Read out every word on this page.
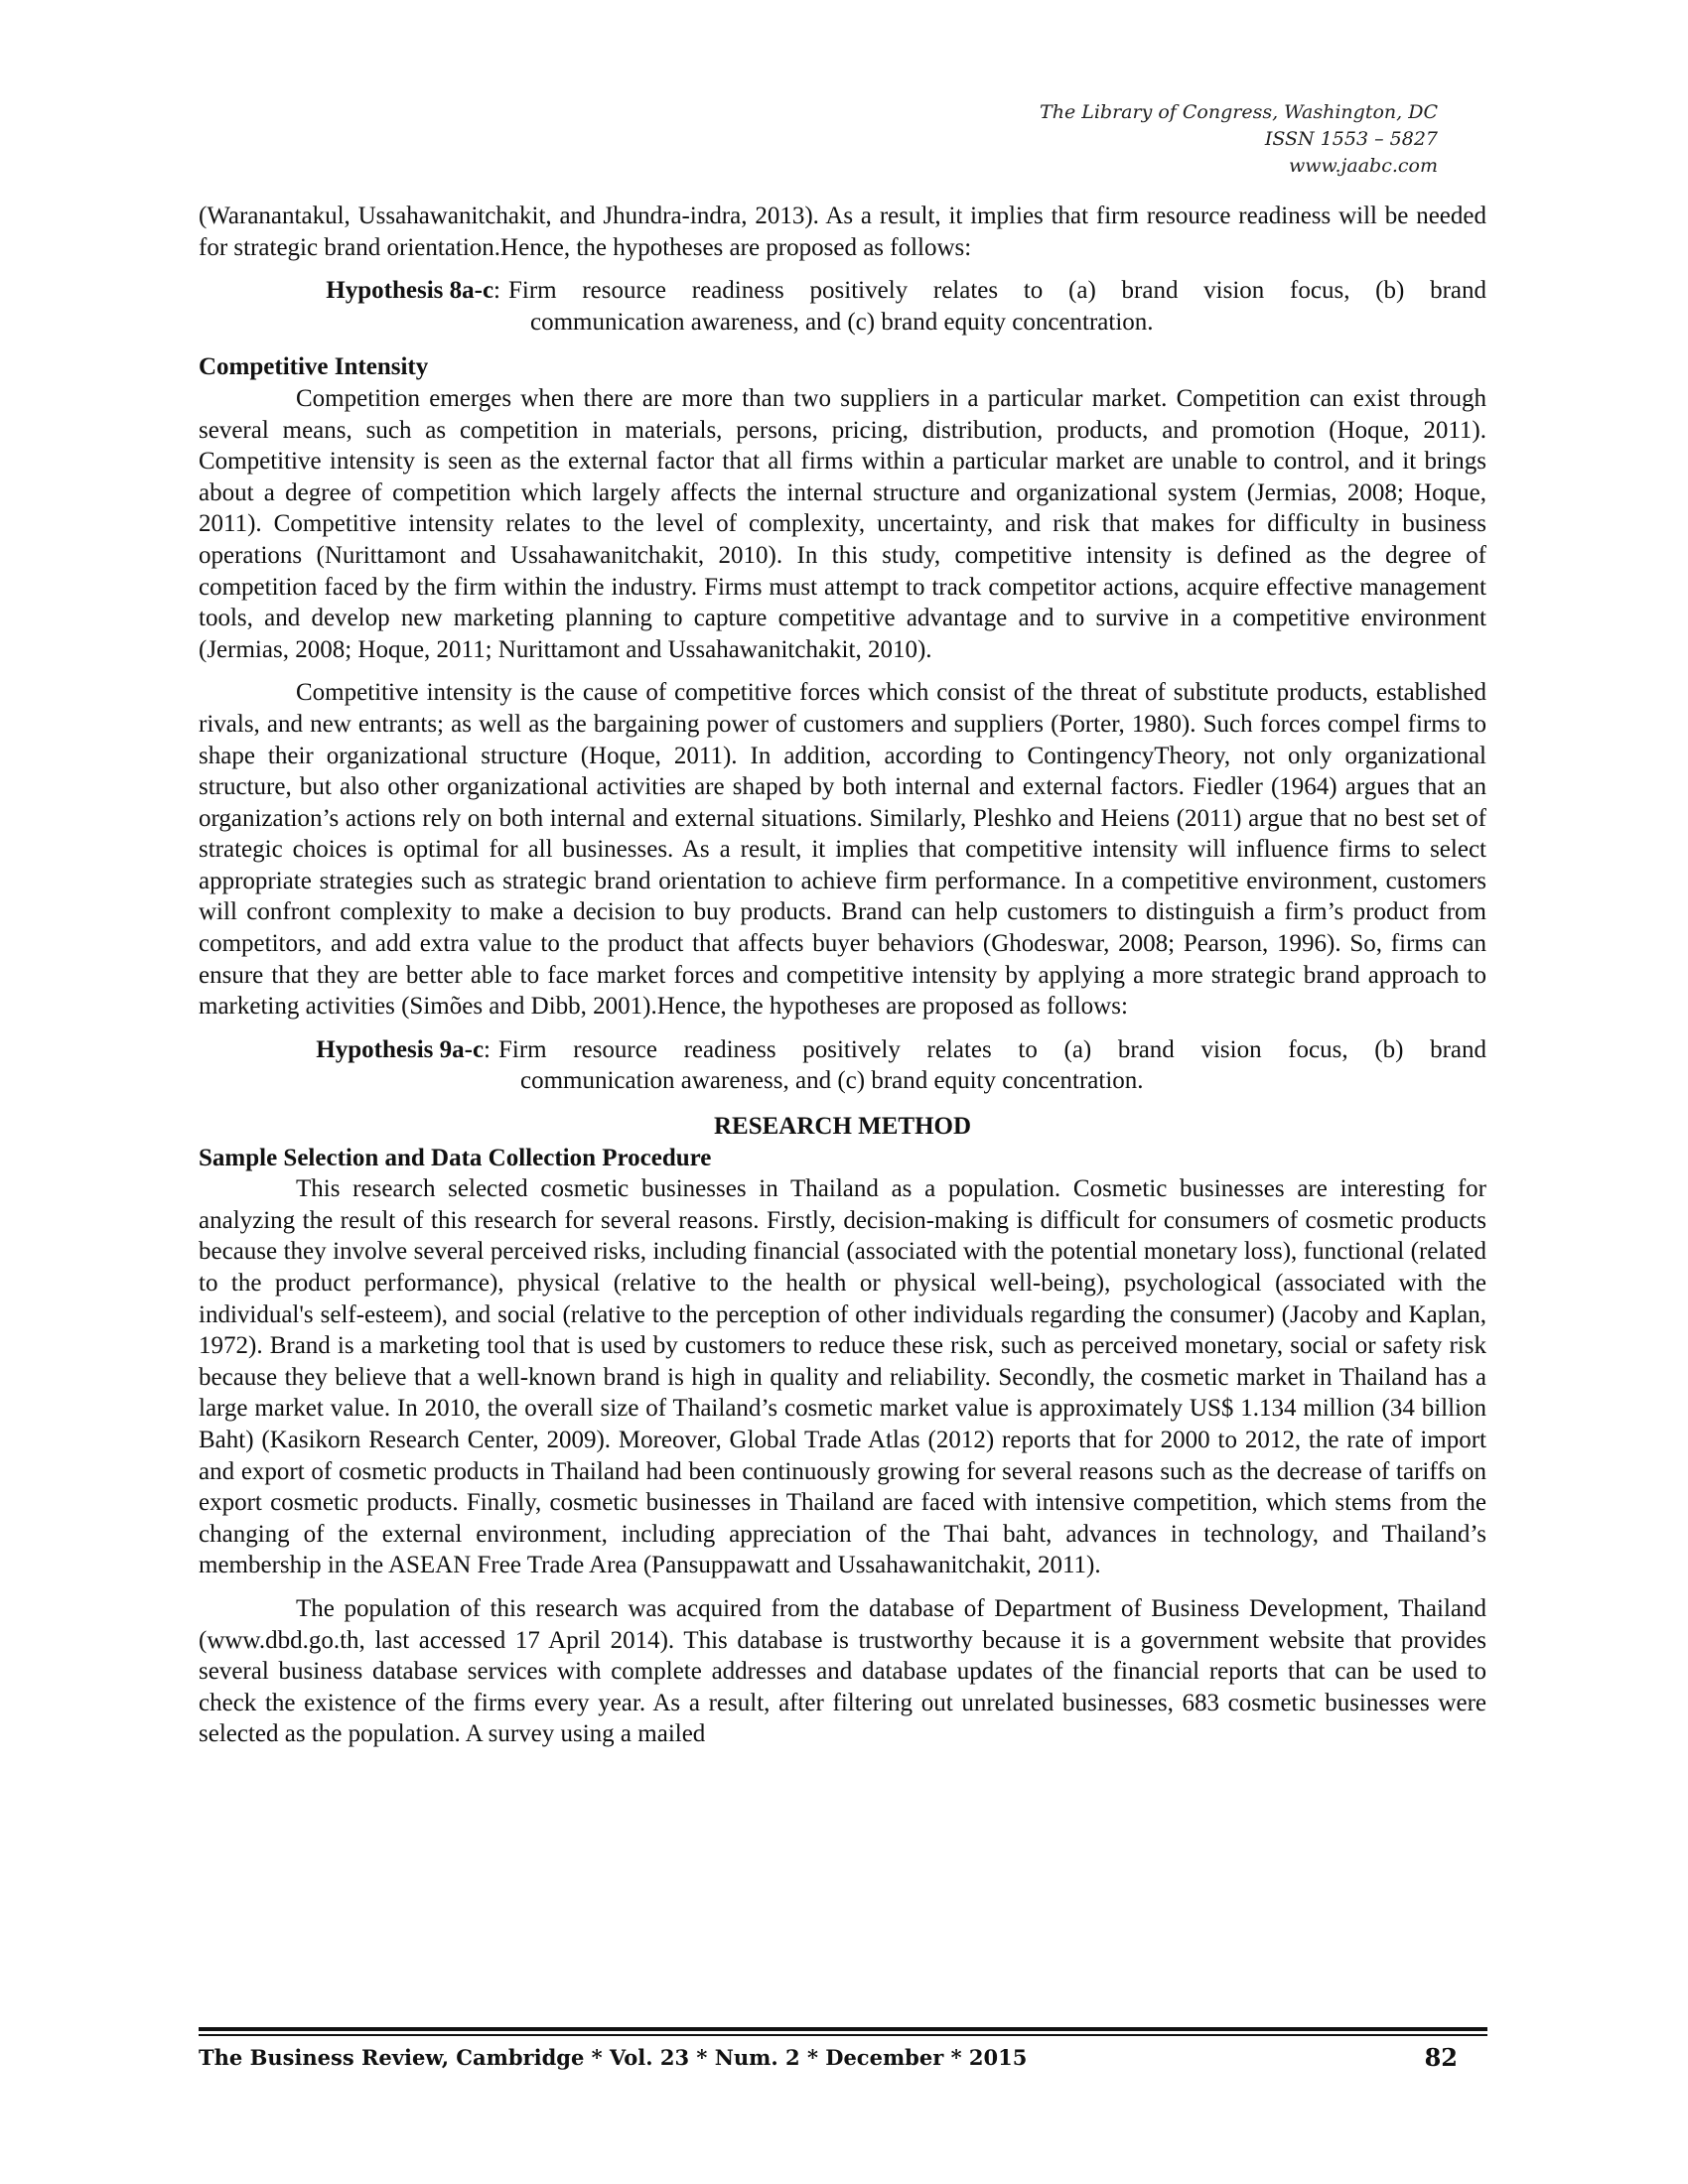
The Library of Congress, Washington, DC
ISSN 1553 – 5827
www.jaabc.com

(Waranantakul, Ussahawanitchakit, and Jhundra-indra, 2013). As a result, it implies that firm resource readiness will be needed for strategic brand orientation.Hence, the hypotheses are proposed as follows:

Hypothesis 8a-c: Firm resource readiness positively relates to (a) brand vision focus, (b) brand
communication awareness, and (c) brand equity concentration.

Competitive Intensity

Competition emerges when there are more than two suppliers in a particular market. Competition can exist through several means, such as competition in materials, persons, pricing, distribution, products, and promotion (Hoque, 2011). Competitive intensity is seen as the external factor that all firms within a particular market are unable to control, and it brings about a degree of competition which largely affects the internal structure and organizational system (Jermias, 2008; Hoque, 2011). Competitive intensity relates to the level of complexity, uncertainty, and risk that makes for difficulty in business operations (Nurittamont and Ussahawanitchakit, 2010). In this study, competitive intensity is defined as the degree of competition faced by the firm within the industry. Firms must attempt to track competitor actions, acquire effective management tools, and develop new marketing planning to capture competitive advantage and to survive in a competitive environment (Jermias, 2008; Hoque, 2011; Nurittamont and Ussahawanitchakit, 2010).

Competitive intensity is the cause of competitive forces which consist of the threat of substitute products, established rivals, and new entrants; as well as the bargaining power of customers and suppliers (Porter, 1980). Such forces compel firms to shape their organizational structure (Hoque, 2011). In addition, according to ContingencyTheory, not only organizational structure, but also other organizational activities are shaped by both internal and external factors. Fiedler (1964) argues that an organization’s actions rely on both internal and external situations. Similarly, Pleshko and Heiens (2011) argue that no best set of strategic choices is optimal for all businesses. As a result, it implies that competitive intensity will influence firms to select appropriate strategies such as strategic brand orientation to achieve firm performance. In a competitive environment, customers will confront complexity to make a decision to buy products. Brand can help customers to distinguish a firm’s product from competitors, and add extra value to the product that affects buyer behaviors (Ghodeswar, 2008; Pearson, 1996). So, firms can ensure that they are better able to face market forces and competitive intensity by applying a more strategic brand approach to marketing activities (Simões and Dibb, 2001).Hence, the hypotheses are proposed as follows:

Hypothesis 9a-c: Firm resource readiness positively relates to (a) brand vision focus, (b) brand
communication awareness, and (c) brand equity concentration.

RESEARCH METHOD

Sample Selection and Data Collection Procedure

This research selected cosmetic businesses in Thailand as a population. Cosmetic businesses are interesting for analyzing the result of this research for several reasons. Firstly, decision-making is difficult for consumers of cosmetic products because they involve several perceived risks, including financial (associated with the potential monetary loss), functional (related to the product performance), physical (relative to the health or physical well-being), psychological (associated with the individual's self-esteem), and social (relative to the perception of other individuals regarding the consumer) (Jacoby and Kaplan, 1972). Brand is a marketing tool that is used by customers to reduce these risk, such as perceived monetary, social or safety risk because they believe that a well-known brand is high in quality and reliability. Secondly, the cosmetic market in Thailand has a large market value. In 2010, the overall size of Thailand’s cosmetic market value is approximately US$ 1.134 million (34 billion Baht) (Kasikorn Research Center, 2009). Moreover, Global Trade Atlas (2012) reports that for 2000 to 2012, the rate of import and export of cosmetic products in Thailand had been continuously growing for several reasons such as the decrease of tariffs on export cosmetic products. Finally, cosmetic businesses in Thailand are faced with intensive competition, which stems from the changing of the external environment, including appreciation of the Thai baht, advances in technology, and Thailand’s membership in the ASEAN Free Trade Area (Pansuppawatt and Ussahawanitchakit, 2011).

The population of this research was acquired from the database of Department of Business Development, Thailand (www.dbd.go.th, last accessed 17 April 2014). This database is trustworthy because it is a government website that provides several business database services with complete addresses and database updates of the financial reports that can be used to check the existence of the firms every year. As a result, after filtering out unrelated businesses, 683 cosmetic businesses were selected as the population. A survey using a mailed

The Business Review, Cambridge * Vol. 23 * Num. 2 * December * 2015	82
